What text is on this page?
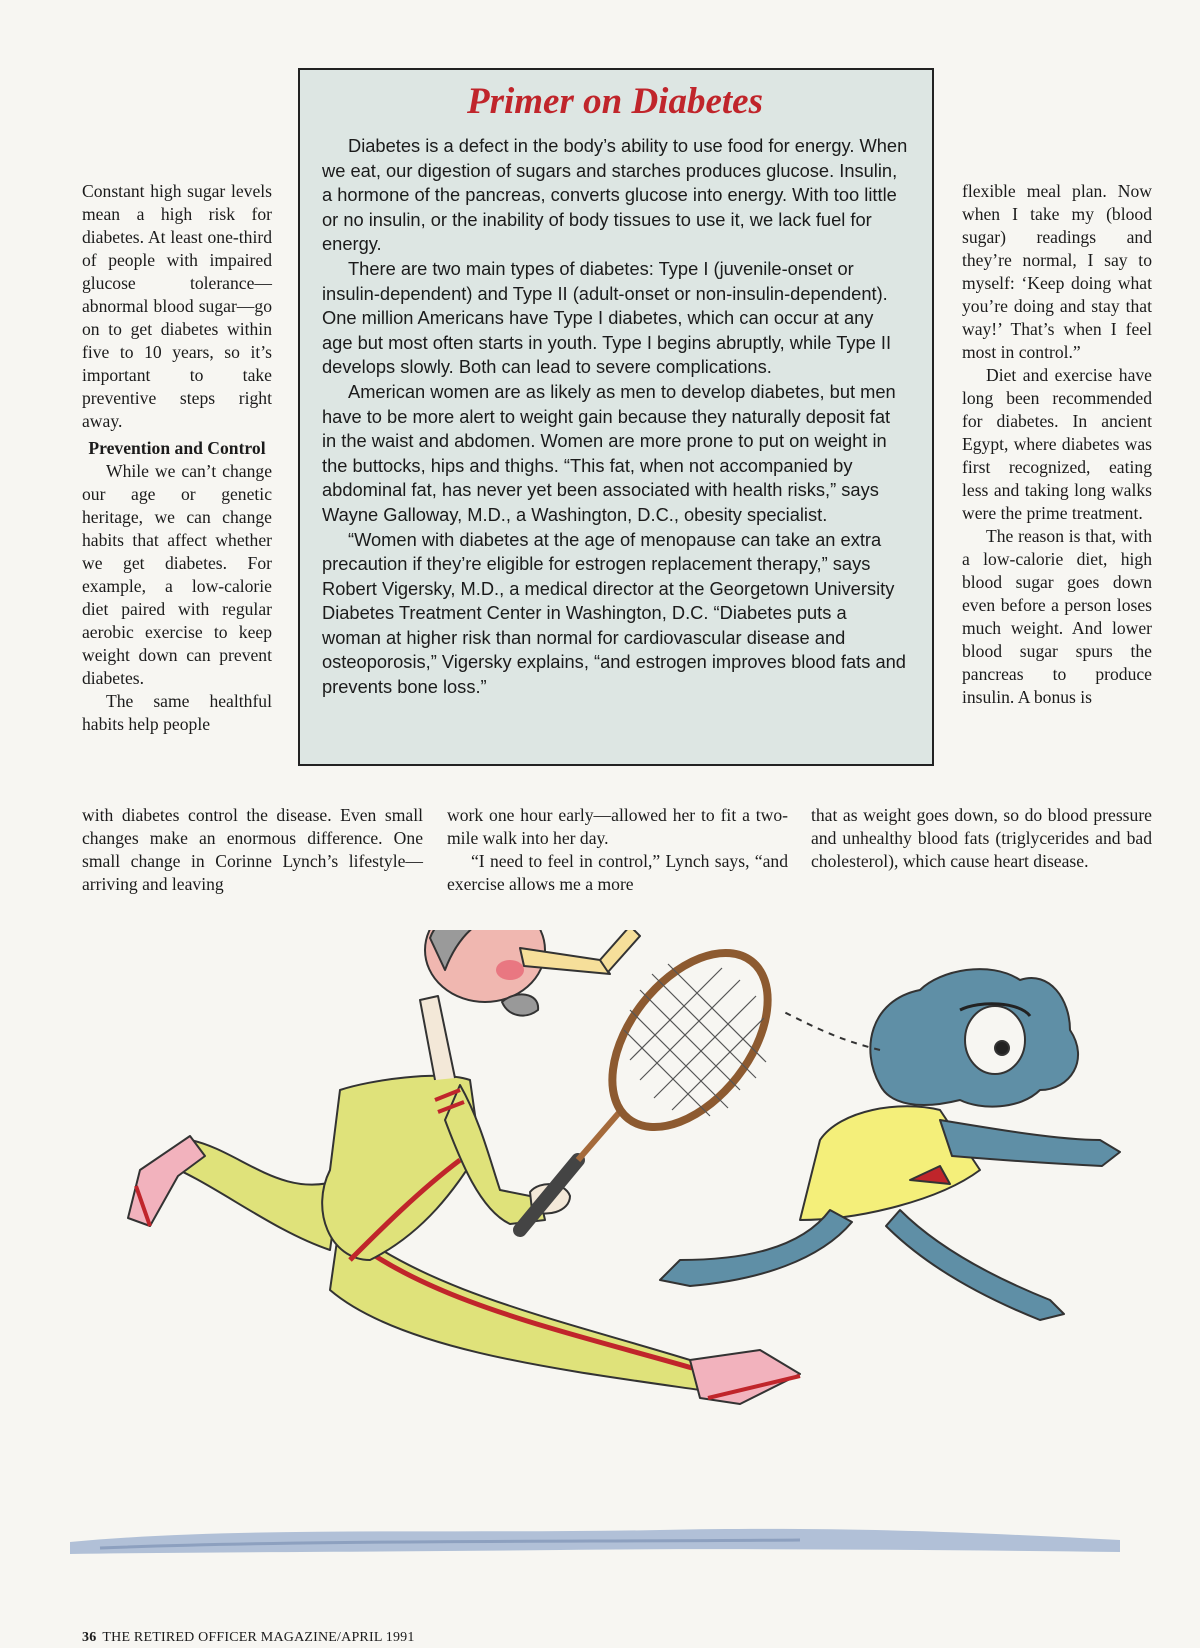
Constant high sugar levels mean a high risk for diabetes. At least one-third of people with impaired glucose tolerance—abnormal blood sugar—go on to get diabetes within five to 10 years, so it’s important to take preventive steps right away.

Prevention and Control

While we can’t change our age or genetic heritage, we can change habits that affect whether we get diabetes. For example, a low-calorie diet paired with regular aerobic exercise to keep weight down can prevent diabetes.

The same healthful habits help people

Primer on Diabetes

Diabetes is a defect in the body’s ability to use food for energy. When we eat, our digestion of sugars and starches produces glucose. Insulin, a hormone of the pancreas, converts glucose into energy. With too little or no insulin, or the inability of body tissues to use it, we lack fuel for energy.

There are two main types of diabetes: Type I (juvenile-onset or insulin-dependent) and Type II (adult-onset or non-insulin-dependent). One million Americans have Type I diabetes, which can occur at any age but most often starts in youth. Type I begins abruptly, while Type II develops slowly. Both can lead to severe complications.

American women are as likely as men to develop diabetes, but men have to be more alert to weight gain because they naturally deposit fat in the waist and abdomen. Women are more prone to put on weight in the buttocks, hips and thighs. “This fat, when not accompanied by abdominal fat, has never yet been associated with health risks,” says Wayne Galloway, M.D., a Washington, D.C., obesity specialist.

“Women with diabetes at the age of menopause can take an extra precaution if they’re eligible for estrogen replacement therapy,” says Robert Vigersky, M.D., a medical director at the Georgetown University Diabetes Treatment Center in Washington, D.C. “Diabetes puts a woman at higher risk than normal for cardiovascular disease and osteoporosis,” Vigersky explains, “and estrogen improves blood fats and prevents bone loss.”

flexible meal plan. Now when I take my (blood sugar) readings and they’re normal, I say to myself: ‘Keep doing what you’re doing and stay that way!’ That’s when I feel most in control.”

Diet and exercise have long been recommended for diabetes. In ancient Egypt, where diabetes was first recognized, eating less and taking long walks were the prime treatment.

The reason is that, with a low-calorie diet, high blood sugar goes down even before a person loses much weight. And lower blood sugar spurs the pancreas to produce insulin. A bonus is

with diabetes control the disease. Even small changes make an enormous difference. One small change in Corinne Lynch’s lifestyle—arriving and leaving

work one hour early—allowed her to fit a two-mile walk into her day.

“I need to feel in control,” Lynch says, “and exercise allows me a more

that as weight goes down, so do blood pressure and unhealthy blood fats (triglycerides and bad cholesterol), which cause heart disease.

36 THE RETIRED OFFICER MAGAZINE/APRIL 1991
